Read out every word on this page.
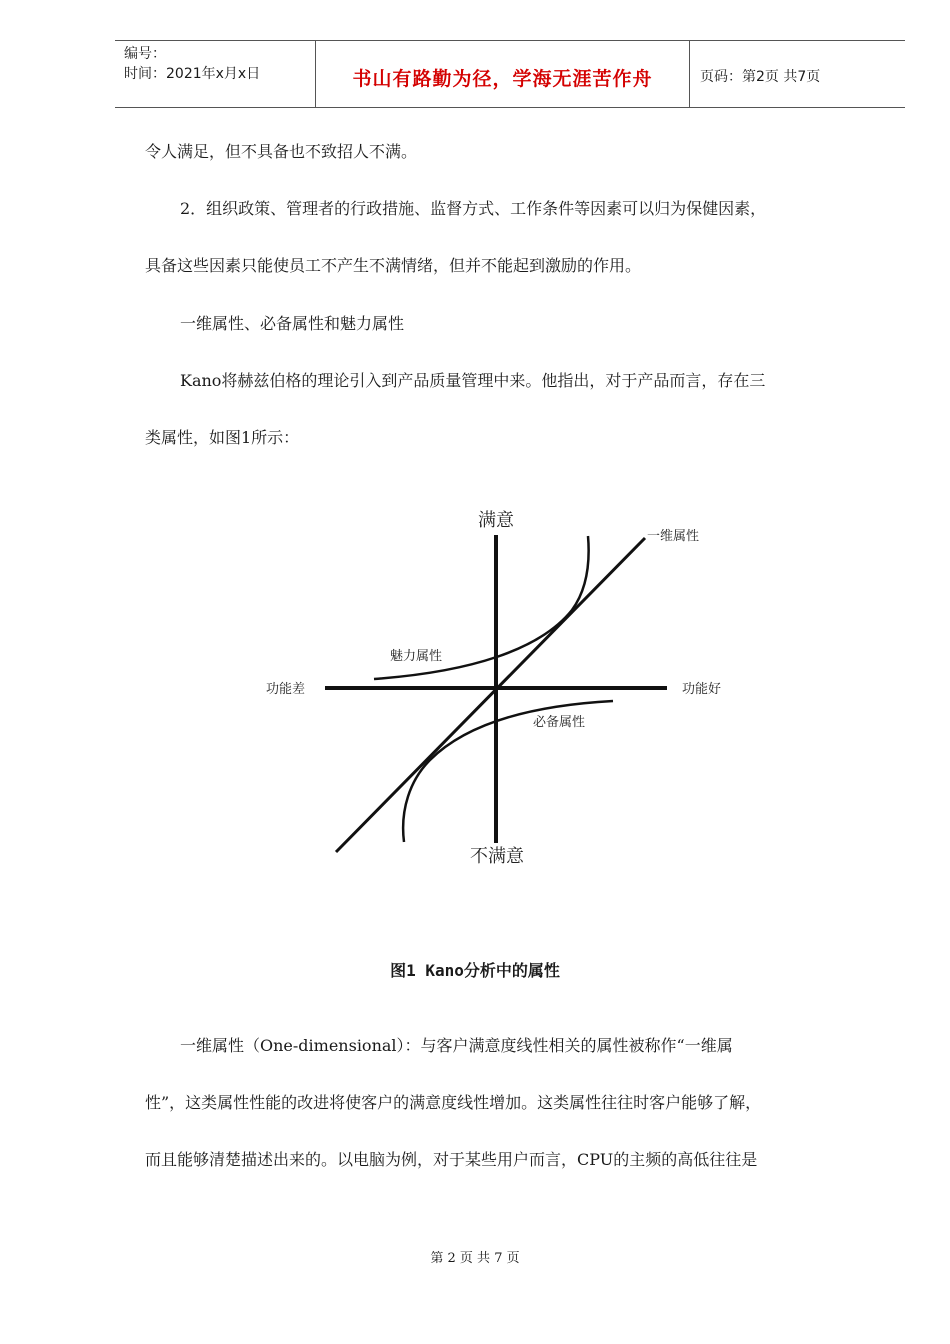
编号：
时间：2021年x月x日	书山有路勤为径，学海无涯苦作舟	页码：第2页 共7页

令人满足，但不具备也不致招人不满。

2．组织政策、管理者的行政措施、监督方式、工作条件等因素可以归为保健因素，

具备这些因素只能使员工不产生不满情绪，但并不能起到激励的作用。

一维属性、必备属性和魅力属性

Kano将赫兹伯格的理论引入到产品质量管理中来。他指出，对于产品而言，存在三

类属性，如图1所示：

满意
不满意
功能差	功能好
一维属性
魅力属性
必备属性
图1 Kano分析中的属性

一维属性（One-dimensional）：与客户满意度线性相关的属性被称作“一维属

性”，这类属性性能的改进将使客户的满意度线性增加。这类属性往往时客户能够了解，

而且能够清楚描述出来的。以电脑为例，对于某些用户而言，CPU的主频的高低往往是

第 2 页 共 7 页
